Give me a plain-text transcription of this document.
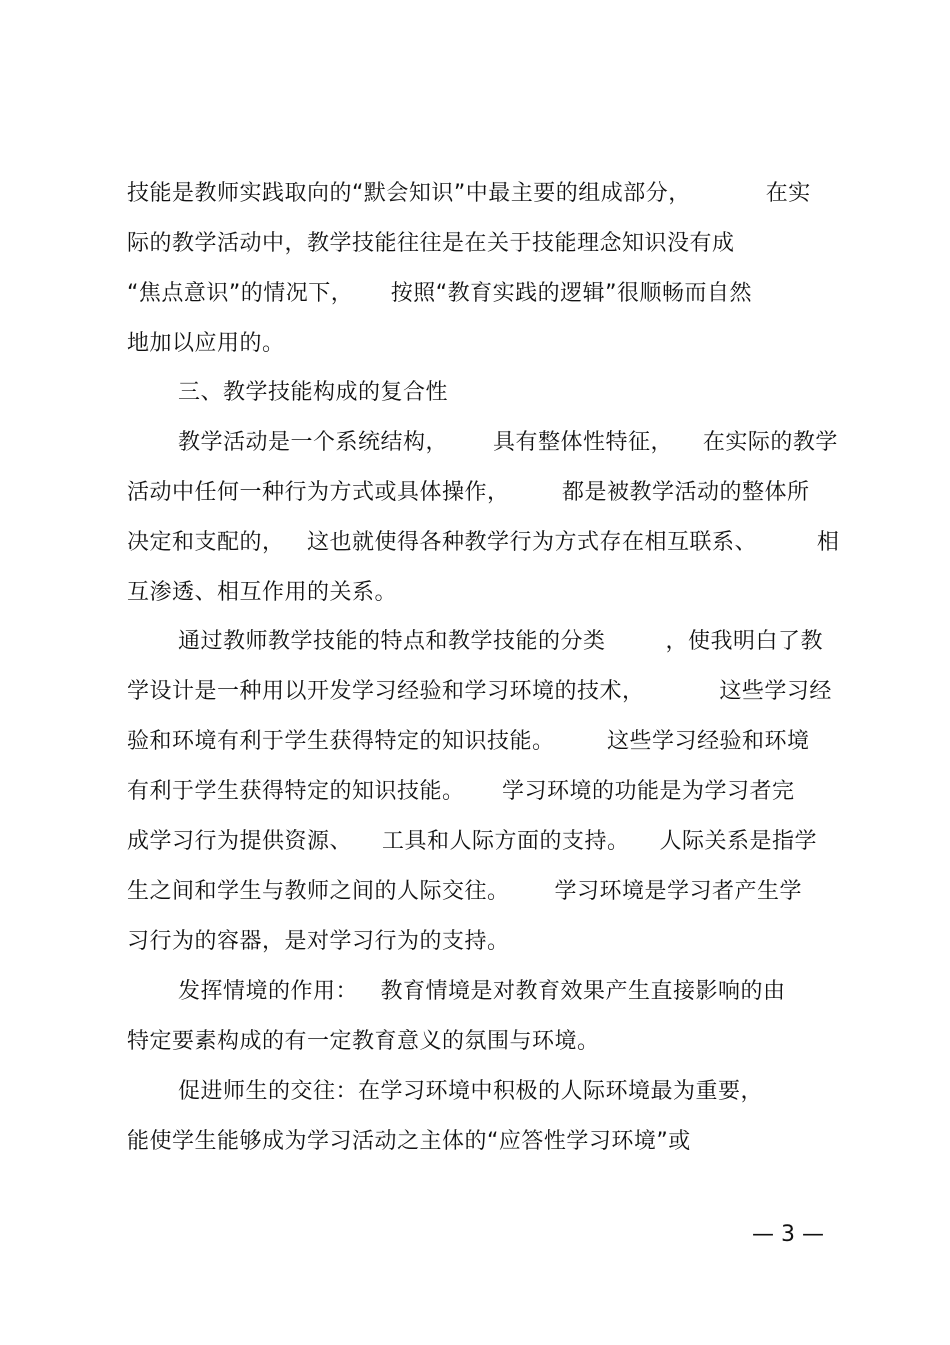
技能是教师实践取向的“默会知识”中最主要的组成部分，          在实
际的教学活动中，教学技能往往是在关于技能理念知识没有成
“焦点意识”的情况下，     按照“教育实践的逻辑”很顺畅而自然
地加以应用的。
三、教学技能构成的复合性
教学活动是一个系统结构，      具有整体性特征，    在实际的教学
活动中任何一种行为方式或具体操作，       都是被教学活动的整体所
决定和支配的，   这也就使得各种教学行为方式存在相互联系、        相
互渗透、相互作用的关系。
通过教师教学技能的特点和教学技能的分类        ，使我明白了教
学设计是一种用以开发学习经验和学习环境的技术，          这些学习经
验和环境有利于学生获得特定的知识技能。       这些学习经验和环境
有利于学生获得特定的知识技能。     学习环境的功能是为学习者完
成学习行为提供资源、    工具和人际方面的支持。    人际关系是指学
生之间和学生与教师之间的人际交往。      学习环境是学习者产生学
习行为的容器，是对学习行为的支持。
发挥情境的作用：   教育情境是对教育效果产生直接影响的由
特定要素构成的有一定教育意义的氛围与环境。
促进师生的交往：在学习环境中积极的人际环境最为重要，
能使学生能够成为学习活动之主体的“应答性学习环境”或
— 3 —
